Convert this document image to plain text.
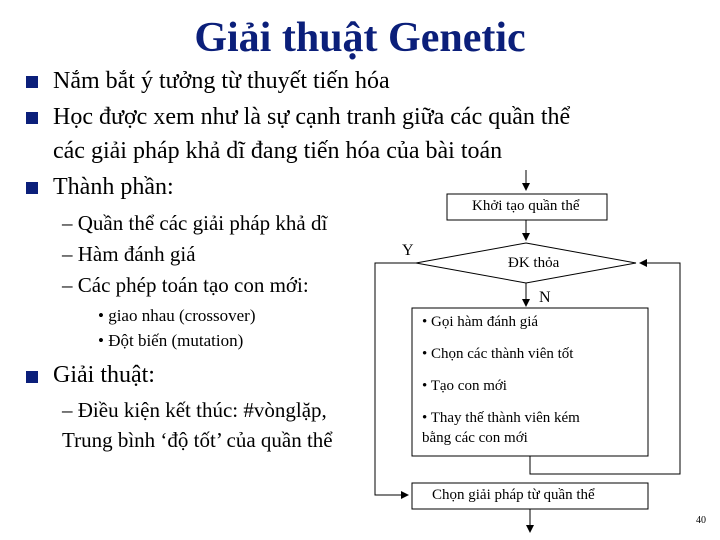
Giải thuật Genetic
Nắm bắt ý tưởng từ thuyết tiến hóa
Học được xem như là sự cạnh tranh giữa các quần thể
các giải pháp khả dĩ đang tiến hóa của bài toán
Thành phần:
– Quần thể các giải pháp khả dĩ
– Hàm đánh giá
– Các phép toán tạo con mới:
• giao nhau (crossover)
• Đột biến (mutation)
Giải thuật:
– Điều kiện kết thúc: #vònglặp,
Trung bình ‘độ tốt’ của quần thể
Khởi tạo quần thể
ĐK thỏa
Y
N
• Gọi hàm đánh giá
• Chọn các thành viên tốt
• Tạo con mới
• Thay thế thành viên kém
bằng các con mới
Chọn giải pháp từ quần thể
40
